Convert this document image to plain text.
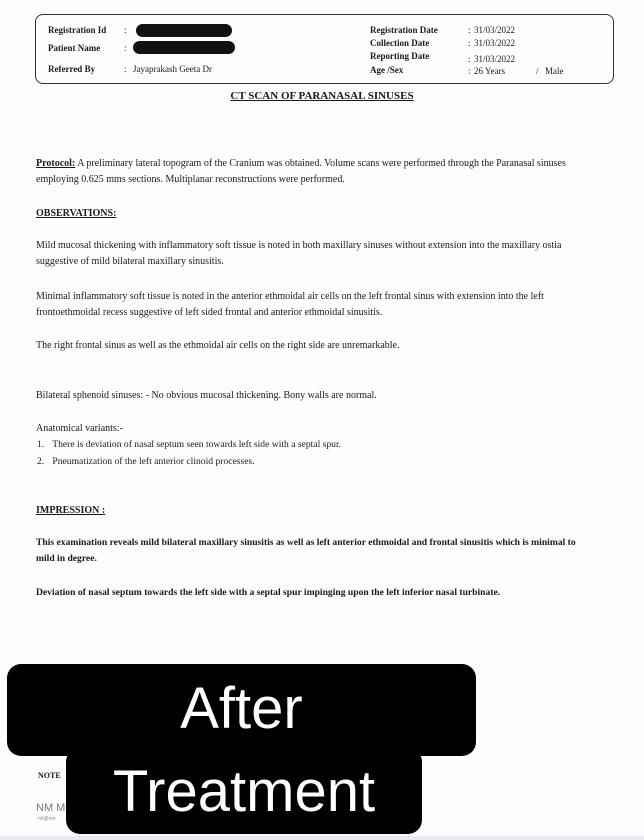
Registration Id :
Patient Name	:
Referred By	: Jayaprakash Geeta Dr
Registration Date	: 31/03/2022
Collection Date	: 31/03/2022
Reporting Date	: 31/03/2022
Age /Sex	: 26 Years	/ Male
CT SCAN OF PARANASAL SINUSES
Protocol: A preliminary lateral topogram of the Cranium was obtained. Volume scans were performed through the Paranasal sinuses employing 0.625 mms sections. Multiplanar reconstructions were performed.
OBSERVATIONS:
Mild mucosal thickening with inflammatory soft tissue is noted in both maxillary sinuses without extension into the maxillary ostia suggestive of mild bilateral maxillary sinusitis.
Minimal inflammatory soft tissue is noted in the anterior ethmoidal air cells on the left frontal sinus with extension into the left frontoethmoidal recess suggestive of left sided frontal and anterior ethmoidal sinusitis.
The right frontal sinus as well as the ethmoidal air cells on the right side are unremarkable.
Bilateral sphenoid sinuses: - No obvious mucosal thickening. Bony walls are normal.
Anatomical variants:-
1. There is deviation of nasal septum seen towards left side with a septal spur.
2. Pneumatization of the left anterior clinoid processes.
IMPRESSION :
This examination reveals mild bilateral maxillary sinusitis as well as left anterior ethmoidal and frontal sinusitis which is minimal to mild in degree.
Deviation of nasal septum towards the left side with a septal spur impinging upon the left inferior nasal turbinate.
NOTE
NM M
nh@nm
After
Treatment
